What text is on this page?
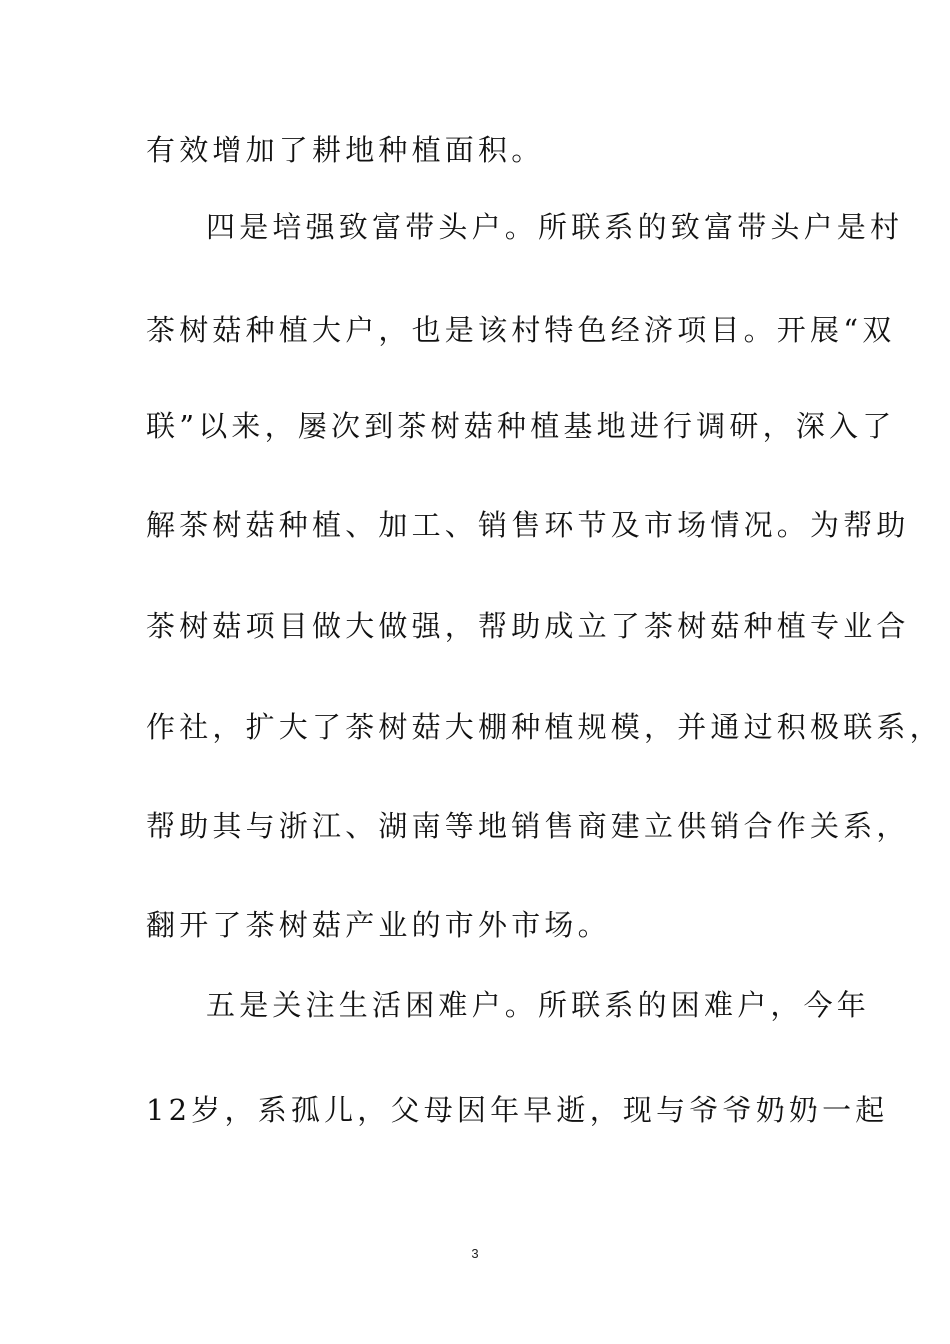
有效增加了耕地种植面积。
四是培强致富带头户。所联系的致富带头户是村
茶树菇种植大户，也是该村特色经济项目。开展“双
联”以来，屡次到茶树菇种植基地进行调研，深入了
解茶树菇种植、加工、销售环节及市场情况。为帮助
茶树菇项目做大做强，帮助成立了茶树菇种植专业合
作社，扩大了茶树菇大棚种植规模，并通过积极联系，
帮助其与浙江、湖南等地销售商建立供销合作关系，
翻开了茶树菇产业的市外市场。
五是关注生活困难户。所联系的困难户，今年
12岁，系孤儿，父母因年早逝，现与爷爷奶奶一起
3
